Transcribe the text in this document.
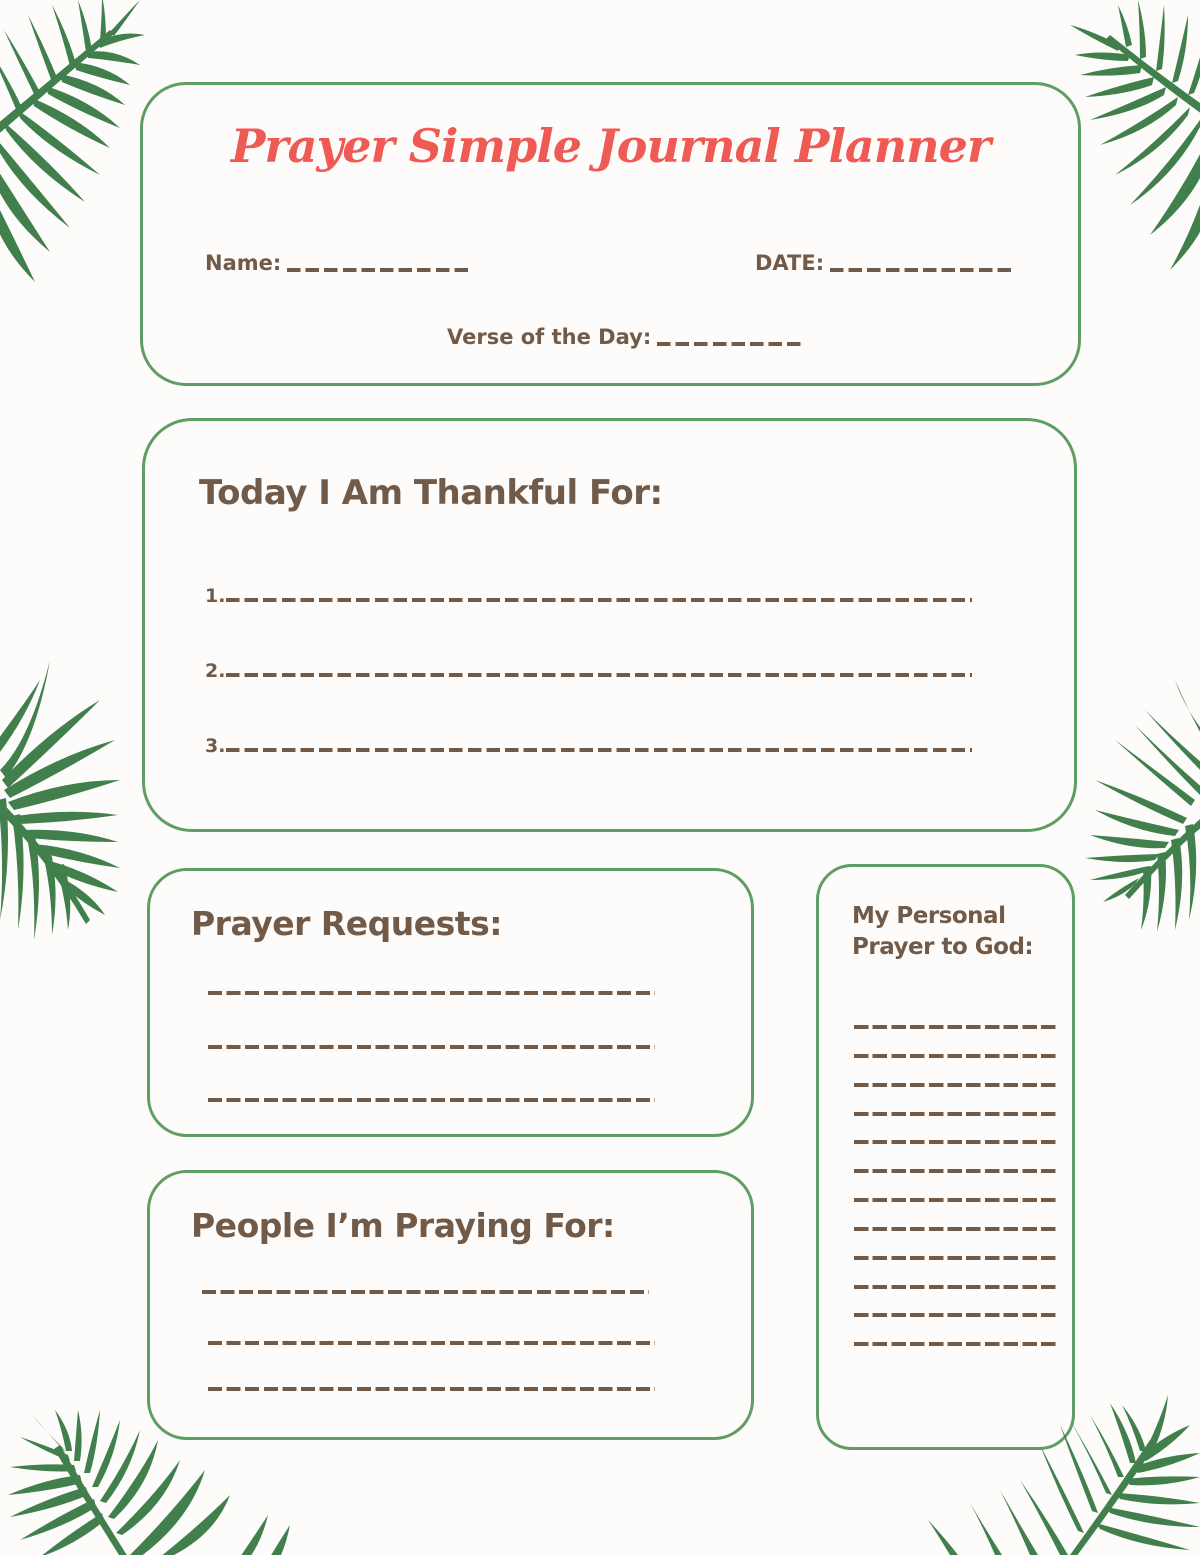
Prayer Simple Journal Planner
Name:	DATE:
Verse of the Day:
Today I Am Thankful For:
1.
2.
3.
Prayer Requests:
People I’m Praying For:
My Personal
Prayer to God:
